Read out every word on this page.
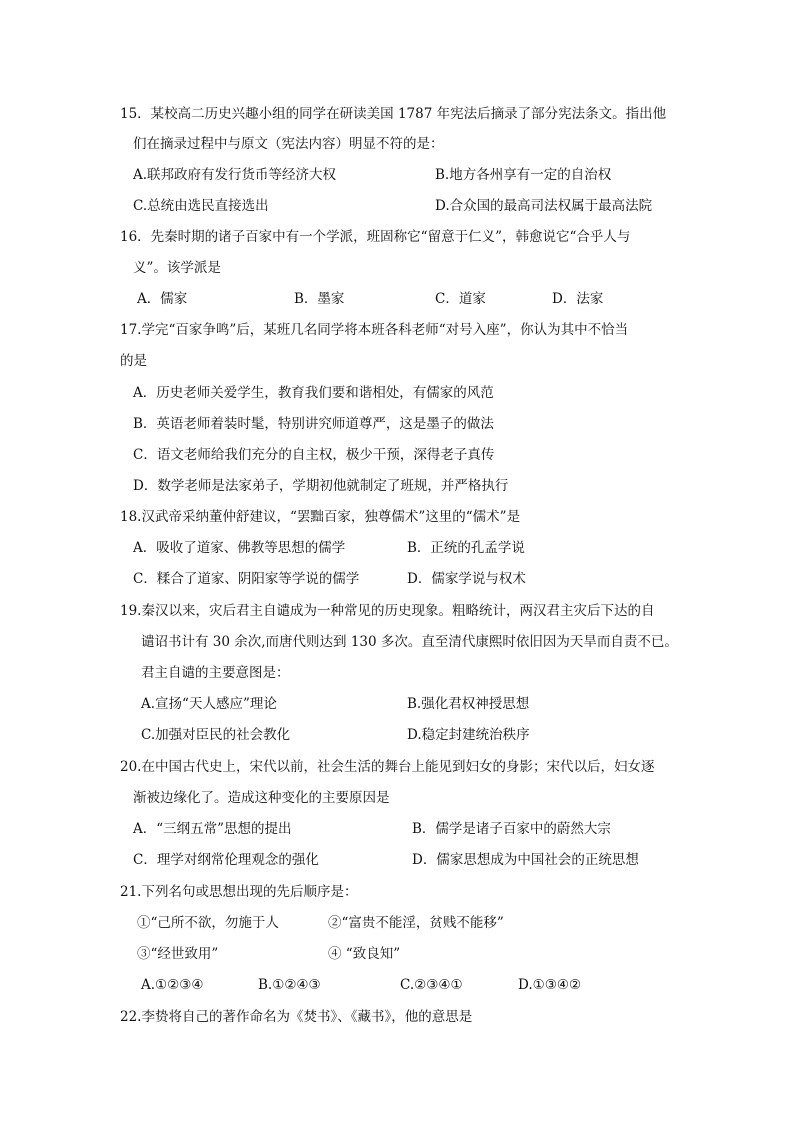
15．某校高二历史兴趣小组的同学在研读美国 1787 年宪法后摘录了部分宪法条文。指出他
们在摘录过程中与原文（宪法内容）明显不符的是：
A.联邦政府有发行货币等经济大权	B.地方各州享有一定的自治权
C.总统由选民直接选出	D.合众国的最高司法权属于最高法院
16．先秦时期的诸子百家中有一个学派，班固称它“留意于仁义”，韩愈说它“合乎人与
义”。该学派是
A．儒家	B．墨家	C．道家	D．法家
17.学完“百家争鸣”后，某班几名同学将本班各科老师“对号入座”，你认为其中不恰当
的是
A．历史老师关爱学生，教育我们要和谐相处，有儒家的风范
B．英语老师着装时髦，特别讲究师道尊严，这是墨子的做法
C．语文老师给我们充分的自主权，极少干预，深得老子真传
D．数学老师是法家弟子，学期初他就制定了班规，并严格执行
18.汉武帝采纳董仲舒建议，“罢黜百家，独尊儒术”这里的“儒术”是
A．吸收了道家、佛教等思想的儒学	B．正统的孔孟学说
C．糅合了道家、阴阳家等学说的儒学	D．儒家学说与权术
19.秦汉以来，灾后君主自谴成为一种常见的历史现象。粗略统计，两汉君主灾后下达的自
谴诏书计有 30 余次,而唐代则达到 130 多次。直至清代康熙时依旧因为天旱而自责不已。
君主自谴的主要意图是：
A.宣扬“天人感应”理论	B.强化君权神授思想
C.加强对臣民的社会教化	D.稳定封建统治秩序
20.在中国古代史上，宋代以前，社会生活的舞台上能见到妇女的身影；宋代以后，妇女逐
渐被边缘化了。造成这种变化的主要原因是
A．“三纲五常”思想的提出	B．儒学是诸子百家中的蔚然大宗
C．理学对纲常伦理观念的强化	D．儒家思想成为中国社会的正统思想
21.下列名句或思想出现的先后顺序是：
①“己所不欲，勿施于人	②“富贵不能淫，贫贱不能移”
③“经世致用”	④ “致良知”
A.①②③④	B.①②④③	C.②③④①	D.①③④②
22.李贽将自己的著作命名为《焚书》、《藏书》，他的意思是
